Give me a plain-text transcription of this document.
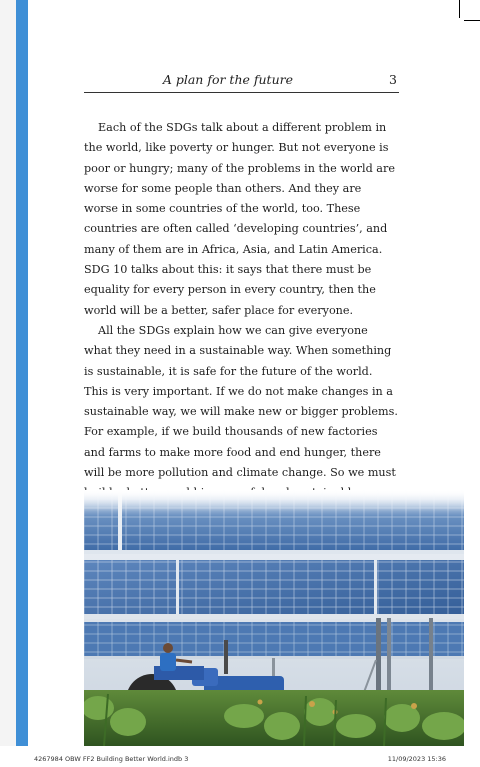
A plan for the future	3

Each of the SDGs talk about a different problem in the world, like poverty or hunger. But not everyone is poor or hungry; many of the problems in the world are worse for some people than others. And they are worse in some countries of the world, too. These countries are often called ‘developing countries’, and many of them are in Africa, Asia, and Latin America. SDG 10 talks about this: it says that there must be equality for every person in every country, then the world will be a better, safer place for everyone.

All the SDGs explain how we can give everyone what they need in a sustainable way. When something is sustainable, it is safe for the future of the world. This is very important. If we do not make changes in a sustainable way, we will make new or bigger problems. For example, if we build thousands of new factories and farms to make more food and end hunger, there will be more pollution and climate change. So we must

4267984 OBW FF2 Building Better World.indb 3	11/09/2023 15:36
